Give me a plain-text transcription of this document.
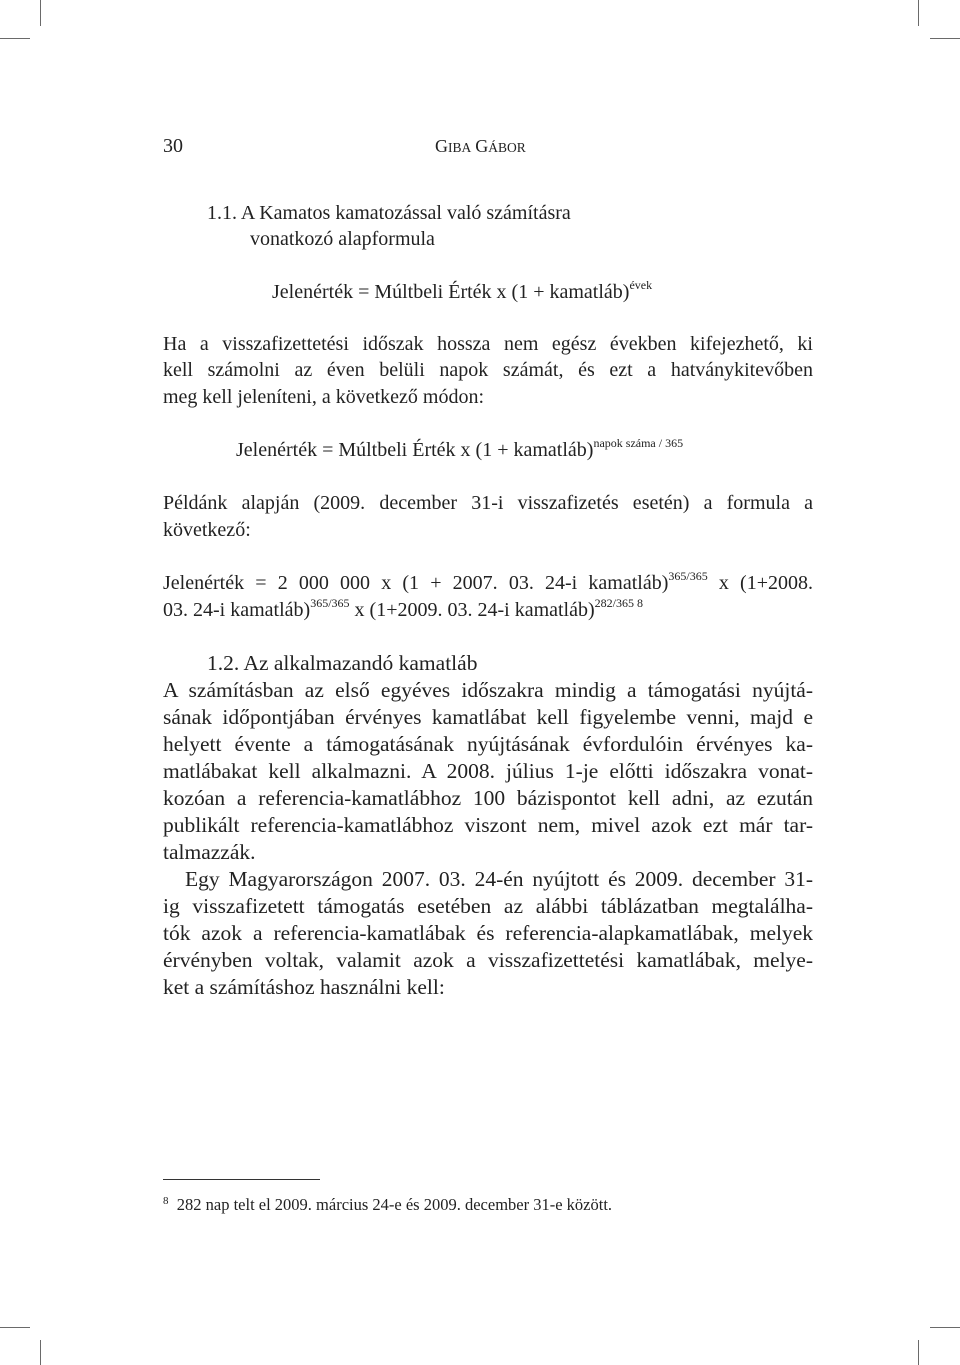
30	GIBA GÁBOR
1.1. A Kamatos kamatozással való számításra
vonatkozó alapformula
Jelenérték = Múltbeli Érték x (1 + kamatláb)$^{évek}$
Ha a visszafizettetési időszak hossza nem egész években kifejezhető, ki
kell számolni az éven belüli napok számát, és ezt a hatványkitevőben
meg kell jeleníteni, a következő módon:
Jelenérték = Múltbeli Érték x (1 + kamatláb)$^{napok száma / 365}$
Példánk alapján (2009. december 31-i visszafizetés esetén) a formula a
következő:
Jelenérték = 2 000 000 x (1 + 2007. 03. 24-i kamatláb)$^{365/365}$ x (1+2008.
03. 24-i kamatláb)$^{365/365}$ x (1+2009. 03. 24-i kamatláb)$^{282/365 8}$
1.2. Az alkalmazandó kamatláb
A számításban az első egyéves időszakra mindig a támogatási nyújtá-
sának időpontjában érvényes kamatlábat kell figyelembe venni, majd e
helyett évente a támogatásának nyújtásának évfordulóin érvényes ka-
matlábakat kell alkalmazni. A 2008. július 1-je előtti időszakra vonat-
kozóan a referencia-kamatlábhoz 100 bázispontot kell adni, az ezután
publikált referencia-kamatlábhoz viszont nem, mivel azok ezt már tar-
talmazzák.
Egy Magyarországon 2007. 03. 24-én nyújtott és 2009. december 31-
ig visszafizetett támogatás esetében az alábbi táblázatban megtalálha-
tók azok a referencia-kamatlábak és referencia-alapkamatlábak, melyek
érvényben voltak, valamit azok a visszafizettetési kamatlábak, melye-
ket a számításhoz használni kell:
$^8$ 282 nap telt el 2009. március 24-e és 2009. december 31-e között.
